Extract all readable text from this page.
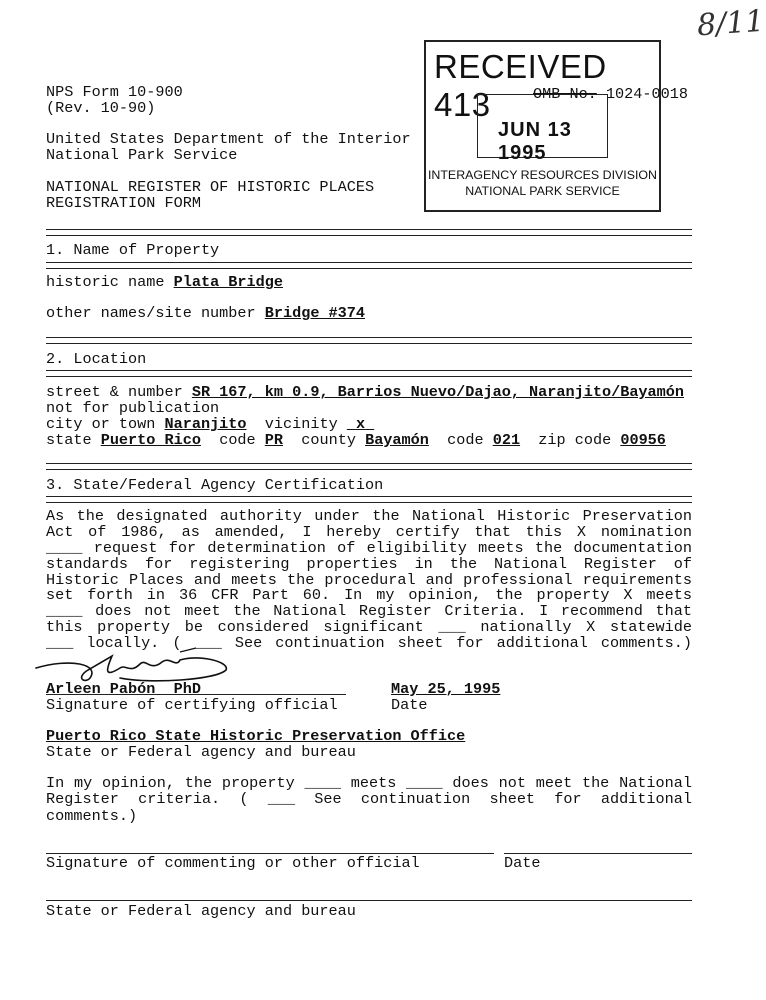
8/11
RECEIVED 413
JUN 13 1995
INTERAGENCY RESOURCES DIVISION
NATIONAL PARK SERVICE
OMB No. 1024-0018
NPS Form 10-900
(Rev. 10-90)
United States Department of the Interior
National Park Service
NATIONAL REGISTER OF HISTORIC PLACES
REGISTRATION FORM
1. Name of Property
historic name Plata Bridge
other names/site number Bridge #374
2. Location
street & number SR 167, km 0.9, Barrios Nuevo/Dajao, Naranjito/Bayamón
not for publication
city or town Naranjito vicinity x
state Puerto Rico code PR county Bayamón code 021 zip code 00956
3. State/Federal Agency Certification
As the designated authority under the National Historic Preservation
Act of 1986, as amended, I hereby certify that this X nomination
____ request for determination of eligibility meets the documentation
standards for registering properties in the National Register of
Historic Places and meets the procedural and professional requirements
set forth in 36 CFR Part 60. In my opinion, the property X meets
____ does not meet the National Register Criteria. I recommend that
this property be considered significant ___ nationally X statewide
___ locally. ( ___ See continuation sheet for additional comments.)
Arleen Pabón  PhD	May 25, 1995
Signature of certifying official	Date
Puerto Rico State Historic Preservation Office
State or Federal agency and bureau
In my opinion, the property ____ meets ____ does not meet the National
Register criteria. ( ___ See continuation sheet for additional
comments.)
Signature of commenting or other official	Date
State or Federal agency and bureau
